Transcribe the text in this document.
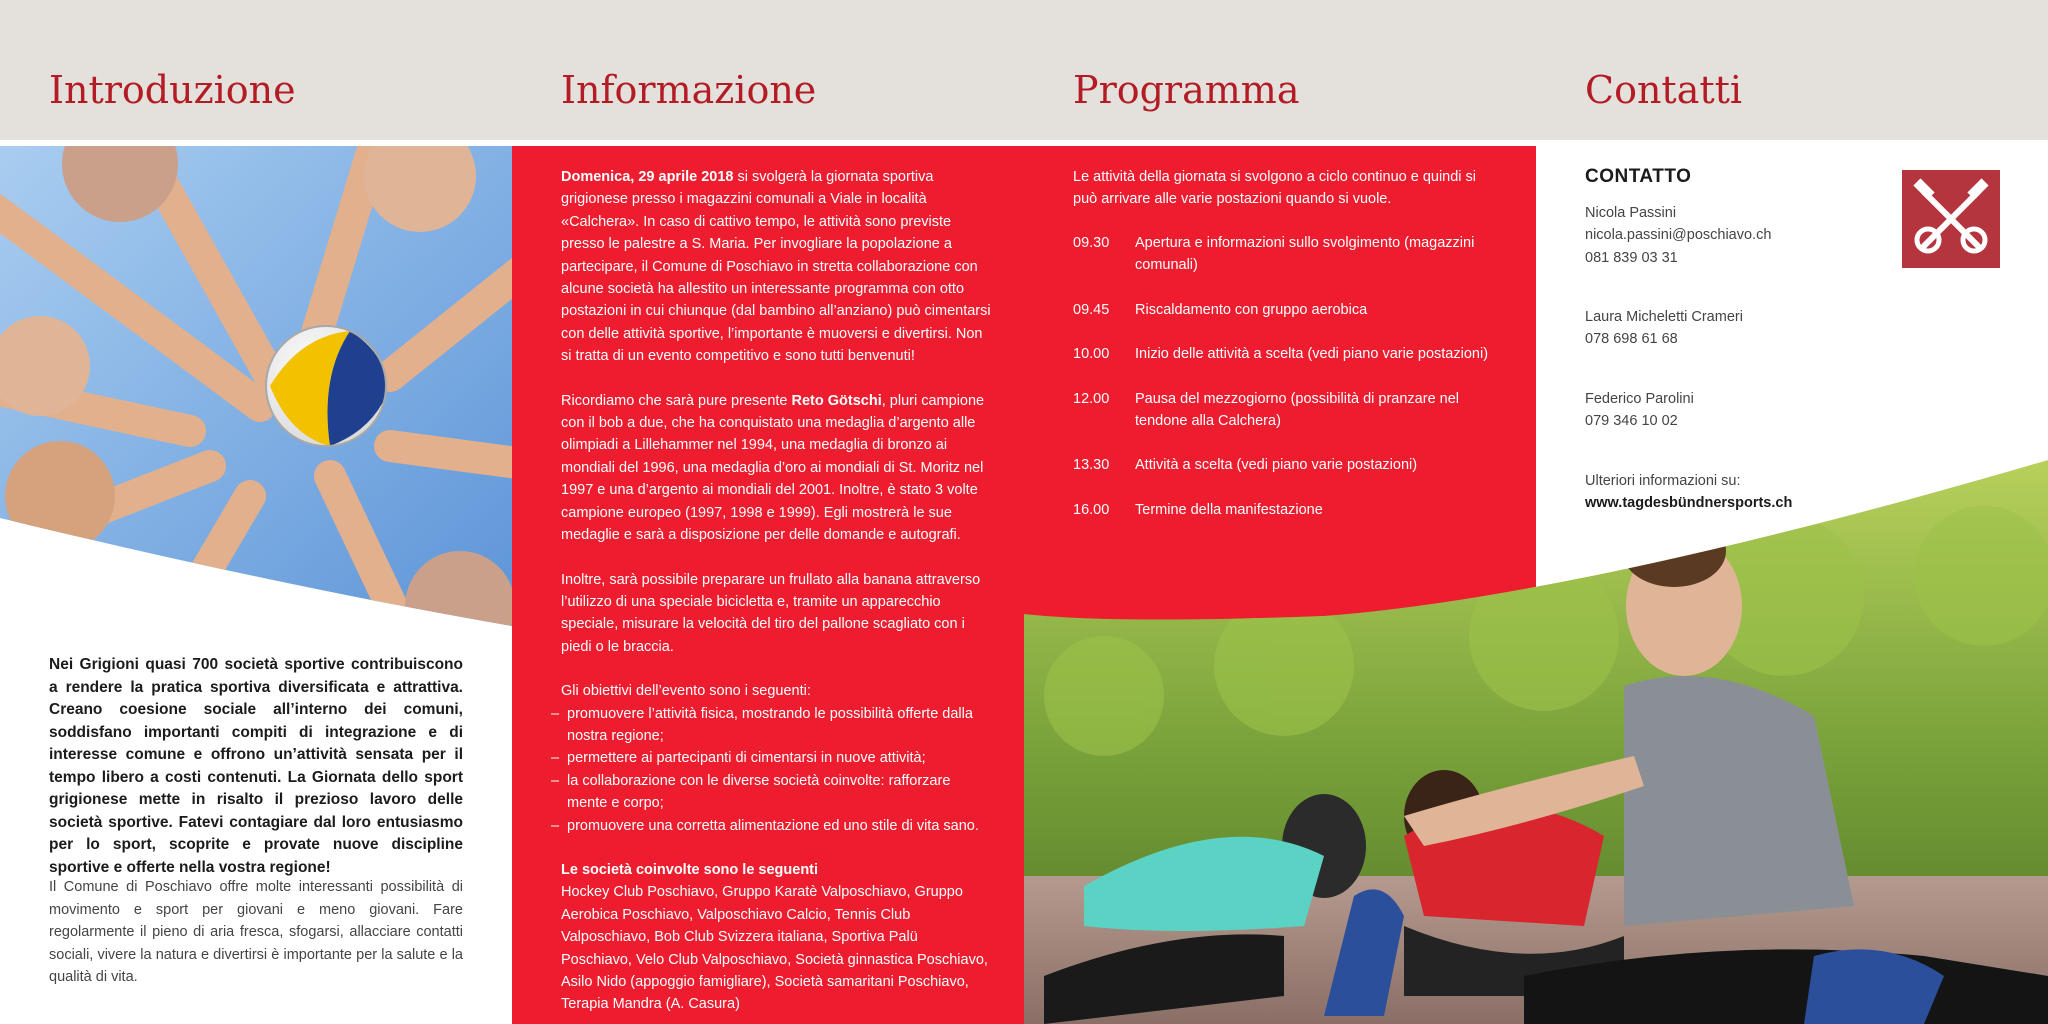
Introduzione	Informazione	Programma	Contatti
Nei Grigioni quasi 700 società sportive contribuiscono a rendere la pratica sportiva diversificata e attrattiva. Creano coesione sociale all’interno dei comuni, soddisfano importanti compiti di integrazione e di interesse comune e offrono un’attività sensata per il tempo libero a costi contenuti. La Giornata dello sport grigionese mette in risalto il prezioso lavoro delle società sportive. Fatevi contagiare dal loro entusiasmo per lo sport, scoprite e provate nuove discipline sportive e offerte nella vostra regione!
Il Comune di Poschiavo offre molte interessanti possibilità di movimento e sport per giovani e meno giovani. Fare regolarmente il pieno di aria fresca, sfogarsi, allacciare contatti sociali, vivere la natura e divertirsi è importante per la salute e la qualità di vita.

Domenica, 29 aprile 2018 si svolgerà la giornata sportiva grigionese presso i magazzini comunali a Viale in località «Calchera». In caso di cattivo tempo, le attività sono previste presso le palestre a S. Maria. Per invogliare la popolazione a partecipare, il Comune di Poschiavo in stretta collaborazione con alcune società ha allestito un interessante programma con otto postazioni in cui chiunque (dal bambino all’anziano) può cimentarsi con delle attività sportive, l’importante è muoversi e divertirsi. Non si tratta di un evento competitivo e sono tutti benvenuti!

Ricordiamo che sarà pure presente Reto Götschi, pluri campione con il bob a due, che ha conquistato una medaglia d’argento alle olimpiadi a Lillehammer nel 1994, una medaglia di bronzo ai mondiali del 1996, una medaglia d’oro ai mondiali di St. Moritz nel 1997 e una d’argento ai mondiali del 2001. Inoltre, è stato 3 volte campione europeo (1997, 1998 e 1999). Egli mostrerà le sue medaglie e sarà a disposizione per delle domande e autografi.

Inoltre, sarà possibile preparare un frullato alla banana attraverso l’utilizzo di una speciale bicicletta e, tramite un apparecchio speciale, misurare la velocità del tiro del pallone scagliato con i piedi o le braccia.

Gli obiettivi dell’evento sono i seguenti:
– promuovere l’attività fisica, mostrando le possibilità offerte dalla nostra regione;
– permettere ai partecipanti di cimentarsi in nuove attività;
– la collaborazione con le diverse società coinvolte: rafforzare mente e corpo;
– promuovere una corretta alimentazione ed uno stile di vita sano.
Le società coinvolte sono le seguenti
Hockey Club Poschiavo, Gruppo Karatè Valposchiavo, Gruppo Aerobica Poschiavo, Valposchiavo Calcio, Tennis Club Valposchiavo, Bob Club Svizzera italiana, Sportiva Palü Poschiavo, Velo Club Valposchiavo, Società ginnastica Poschiavo, Asilo Nido (appoggio famigliare), Società samaritani Poschiavo, Terapia Mandra (A. Casura)
Le attività della giornata si svolgono a ciclo continuo e quindi si può arrivare alle varie postazioni quando si vuole.
09.30	Apertura e informazioni sullo svolgimento (magazzini comunali)
09.45	Riscaldamento con gruppo aerobica
10.00	Inizio delle attività a scelta (vedi piano varie postazioni)
12.00	Pausa del mezzogiorno (possibilità di pranzare nel tendone alla Calchera)
13.30	Attività a scelta (vedi piano varie postazioni)
16.00	Termine della manifestazione
CONTATTO
Nicola Passini
nicola.passini@poschiavo.ch
081 839 03 31
Laura Micheletti Crameri
078 698 61 68
Federico Parolini
079 346 10 02
Ulteriori informazioni su:
www.tagdesbündnersports.ch
